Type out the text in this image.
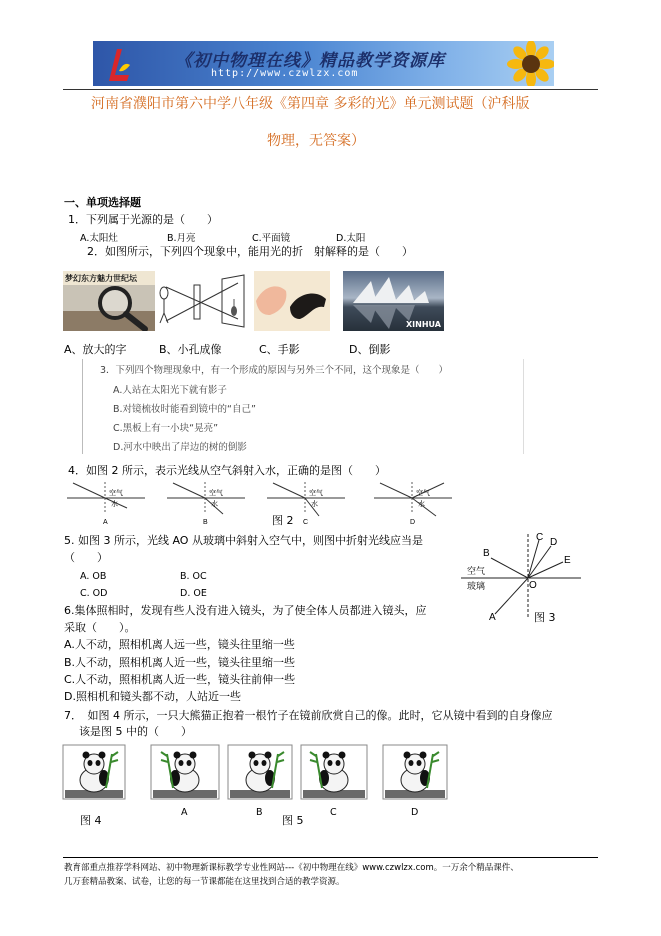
《初中物理在线》精品教学资源库
http://www.czwlzx.com
河南省濮阳市第六中学八年级《第四章 多彩的光》单元测试题（沪科版
物理，无答案）
一、单项选择题
1．下列属于光源的是（　　）
A.太阳灶	B.月亮	C.平面镜	D.太阳
2．如图所示，下列四个现象中，能用光的折　射解释的是（　　）
梦幻东方魅力世纪坛
XINHUA
A、放大的字	B、小孔成像	C、手影	D、倒影
3．下列四个物理现象中，有一个形成的原因与另外三个不同，这个现象是（　　）
A.人站在太阳光下就有影子
B.对镜梳妆时能看到镜中的“自己”
C.黑板上有一小块“晃亮”
D.河水中映出了岸边的树的倒影
4．如图 2 所示，表示光线从空气斜射入水，正确的是图（　　）
空气
水
A
空气
水
B
空气
水
C
空气
水
D
图 2
5. 如图 3 所示，光线 AO 从玻璃中斜射入空气中，则图中折射光线应当是
（　　）
A. OB	B. OC
C. OD	D. OE
B
C D
E
O
A
空气
玻璃
图 3
6.集体照相时，发现有些人没有进入镜头，为了使全体人员都进入镜头，应
采取（　　）。
A.人不动，照相机离人远一些，镜头往里缩一些
B.人不动，照相机离人近一些，镜头往里缩一些
C.人不动，照相机离人近一些，镜头往前伸一些
D.照相机和镜头都不动，人站近一些
7．　如图 4 所示，一只大熊猫正抱着一根竹子在镜前欣赏自己的像。此时，它从镜中看到的自身像应
该是图 5 中的（　　）
A	B	C	D
图 4	图 5
教育部重点推荐学科网站、初中物理新课标教学专业性网站---《初中物理在线》www.czwlzx.com。一万余个精品课件、
几万套精品教案、试卷，让您的每一节课都能在这里找到合适的教学资源。
